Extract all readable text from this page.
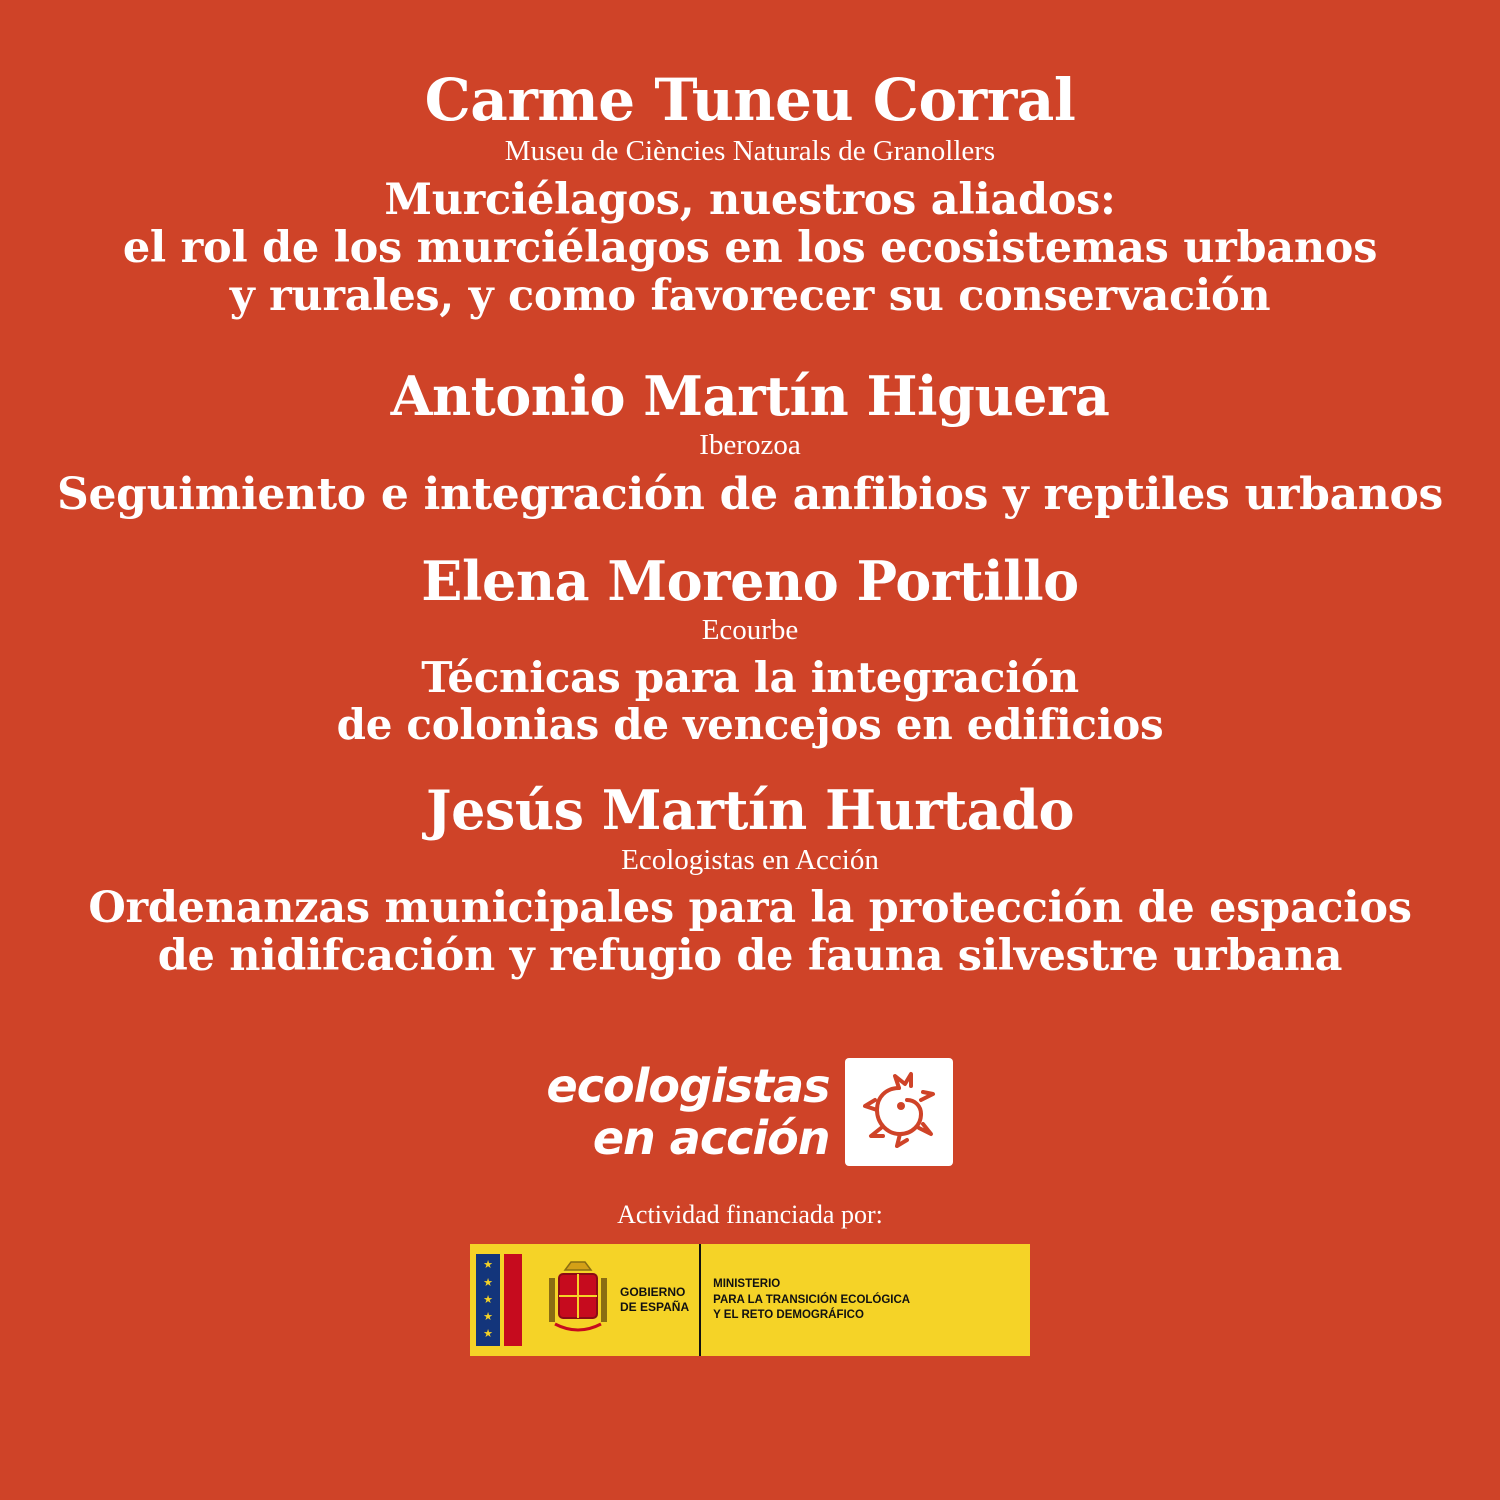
Carme Tuneu Corral
Museu de Ciències Naturals de Granollers
Murciélagos, nuestros aliados:
el rol de los murciélagos en los ecosistemas urbanos
y rurales, y como favorecer su conservación
Antonio Martín Higuera
Iberozoa
Seguimiento e integración de anfibios y reptiles urbanos
Elena Moreno Portillo
Ecourbe
Técnicas para la integración
de colonias de vencejos en edificios
Jesús Martín Hurtado
Ecologistas en Acción
Ordenanzas municipales para la protección de espacios
de nidifcación y refugio de fauna silvestre urbana
ecologistas
en acción
Actividad financiada por:
★
★
★
★
★
GOBIERNO
DE ESPAÑA
MINISTERIO
PARA LA TRANSICIÓN ECOLÓGICA
Y EL RETO DEMOGRÁFICO
